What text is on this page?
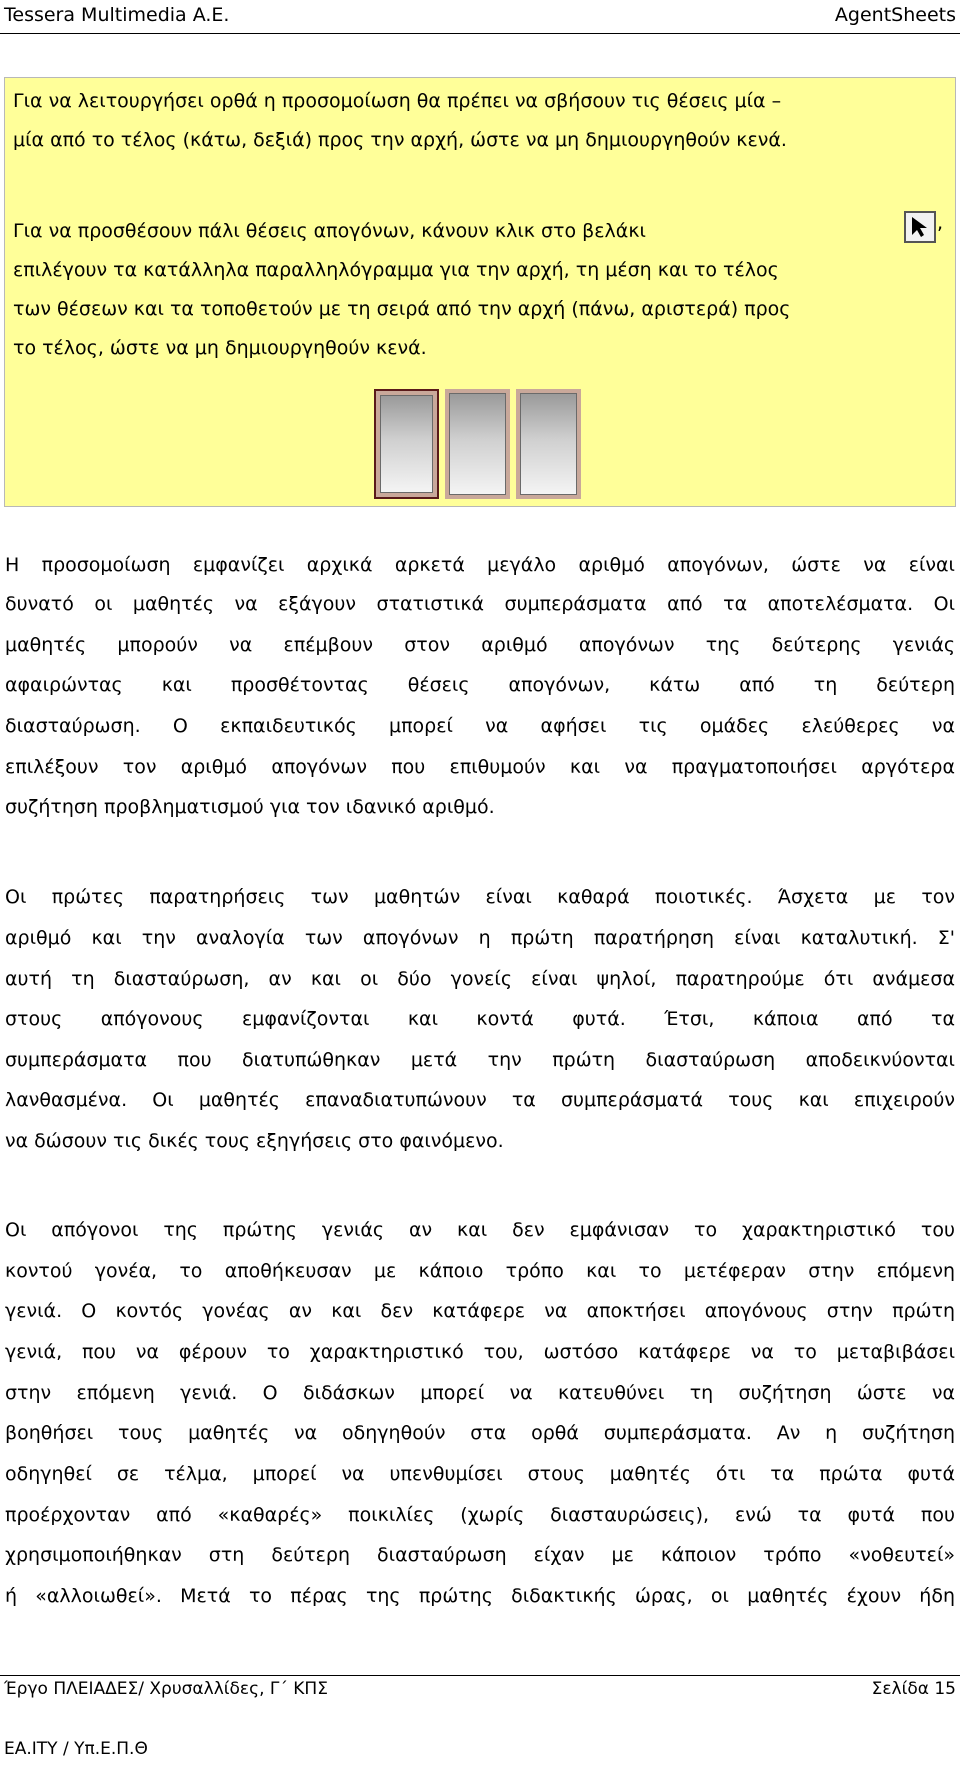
Tessera Multimedia A.E.	AgentSheets
Για να λειτουργήσει ορθά η προσομοίωση θα πρέπει να σβήσουν τις θέσεις μία –
μία από το τέλος (κάτω, δεξιά) προς την αρχή, ώστε να μη δημιουργηθούν κενά.
Για να προσθέσουν πάλι θέσεις απογόνων, κάνουν κλικ στο βελάκι
επιλέγουν τα κατάλληλα παραλληλόγραμμα για την αρχή, τη μέση και το τέλος
των θέσεων και τα τοποθετούν με τη σειρά από την αρχή (πάνω, αριστερά) προς
το τέλος, ώστε να μη δημιουργηθούν κενά.
,
Η προσομοίωση εμφανίζει αρχικά αρκετά μεγάλο αριθμό απογόνων, ώστε να είναι
δυνατό οι μαθητές να εξάγουν στατιστικά συμπεράσματα από τα αποτελέσματα. Οι
μαθητές μπορούν να επέμβουν στον αριθμό απογόνων της δεύτερης γενιάς
αφαιρώντας και προσθέτοντας θέσεις απογόνων, κάτω από τη δεύτερη
διασταύρωση. Ο εκπαιδευτικός μπορεί να αφήσει τις ομάδες ελεύθερες να
επιλέξουν τον αριθμό απογόνων που επιθυμούν και να πραγματοποιήσει αργότερα
συζήτηση προβληματισμού για τον ιδανικό αριθμό.
Οι πρώτες παρατηρήσεις των μαθητών είναι καθαρά ποιοτικές. Άσχετα με τον
αριθμό και την αναλογία των απογόνων η πρώτη παρατήρηση είναι καταλυτική. Σ'
αυτή τη διασταύρωση, αν και οι δύο γονείς είναι ψηλοί, παρατηρούμε ότι ανάμεσα
στους απόγονους εμφανίζονται και κοντά φυτά. Έτσι, κάποια από τα
συμπεράσματα που διατυπώθηκαν μετά την πρώτη διασταύρωση αποδεικνύονται
λανθασμένα. Οι μαθητές επαναδιατυπώνουν τα συμπεράσματά τους και επιχειρούν
να δώσουν τις δικές τους εξηγήσεις στο φαινόμενο.
Οι απόγονοι της πρώτης γενιάς αν και δεν εμφάνισαν το χαρακτηριστικό του
κοντού γονέα, το αποθήκευσαν με κάποιο τρόπο και το μετέφεραν στην επόμενη
γενιά. Ο κοντός γονέας αν και δεν κατάφερε να αποκτήσει απογόνους στην πρώτη
γενιά, που να φέρουν το χαρακτηριστικό του, ωστόσο κατάφερε να το μεταβιβάσει
στην επόμενη γενιά. Ο διδάσκων μπορεί να κατευθύνει τη συζήτηση ώστε να
βοηθήσει τους μαθητές να οδηγηθούν στα ορθά συμπεράσματα. Αν η συζήτηση
οδηγηθεί σε τέλμα, μπορεί να υπενθυμίσει στους μαθητές ότι τα πρώτα φυτά
προέρχονταν από «καθαρές» ποικιλίες (χωρίς διασταυρώσεις), ενώ τα φυτά που
χρησιμοποιήθηκαν στη δεύτερη διασταύρωση είχαν με κάποιον τρόπο «νοθευτεί»
ή «αλλοιωθεί». Μετά το πέρας της πρώτης διδακτικής ώρας, οι μαθητές έχουν ήδη
Έργο ΠΛΕΙΑΔΕΣ/ Χρυσαλλίδες, Γ΄ ΚΠΣ	Σελίδα 15
ΕΑ.ΙΤΥ / Υπ.Ε.Π.Θ
